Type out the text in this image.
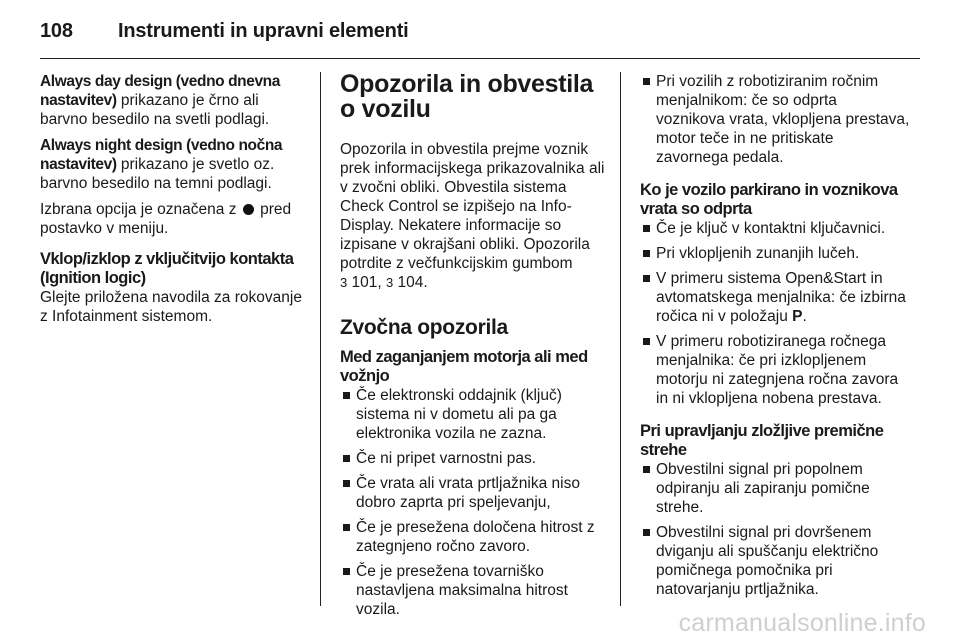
108	Instrumenti in upravni elementi

Always day design (vedno dnevna nastavitev) prikazano je črno ali barvno besedilo na svetli podlagi.

Always night design (vedno nočna nastavitev) prikazano je svetlo oz. barvno besedilo na temni podlagi.

Izbrana opcija je označena z  pred postavko v meniju.

Vklop/izklop z vključitvijo kontakta (Ignition logic)

Glejte priložena navodila za rokovanje z Infotainment sistemom.

Opozorila in obvestila o vozilu

Opozorila in obvestila prejme voznik prek informacijskega prikazovalnika ali v zvočni obliki. Obvestila sistema Check Control se izpišejo na Info-Display. Nekatere informacije so izpisane v okrajšani obliki. Opozorila potrdite z večfunkcijskim gumbom
3 101, 3 104.

Zvočna opozorila
Med zaganjanjem motorja ali med vožnjo
Če elektronski oddajnik (ključ) sistema ni v dometu ali pa ga elektronika vozila ne zazna.
Če ni pripet varnostni pas.
Če vrata ali vrata prtljažnika niso dobro zaprta pri speljevanju,
Če je presežena določena hitrost z zategnjeno ročno zavoro.
Če je presežena tovarniško nastavljena maksimalna hitrost vozila.
Pri vozilih z robotiziranim ročnim menjalnikom: če so odprta voznikova vrata, vklopljena prestava, motor teče in ne pritiskate zavornega pedala.
Ko je vozilo parkirano in voznikova vrata so odprta
Če je ključ v kontaktni ključavnici.
Pri vklopljenih zunanjih lučeh.
V primeru sistema Open&Start in avtomatskega menjalnika: če izbirna ročica ni v položaju P.
V primeru robotiziranega ročnega menjalnika: če pri izklopljenem motorju ni zategnjena ročna zavora in ni vklopljena nobena prestava.
Pri upravljanju zložljive premične strehe
Obvestilni signal pri popolnem odpiranju ali zapiranju pomične strehe.
Obvestilni signal pri dovršenem dviganju ali spuščanju električno pomičnega pomočnika pri natovarjanju prtljažnika.
carmanualsonline.info
